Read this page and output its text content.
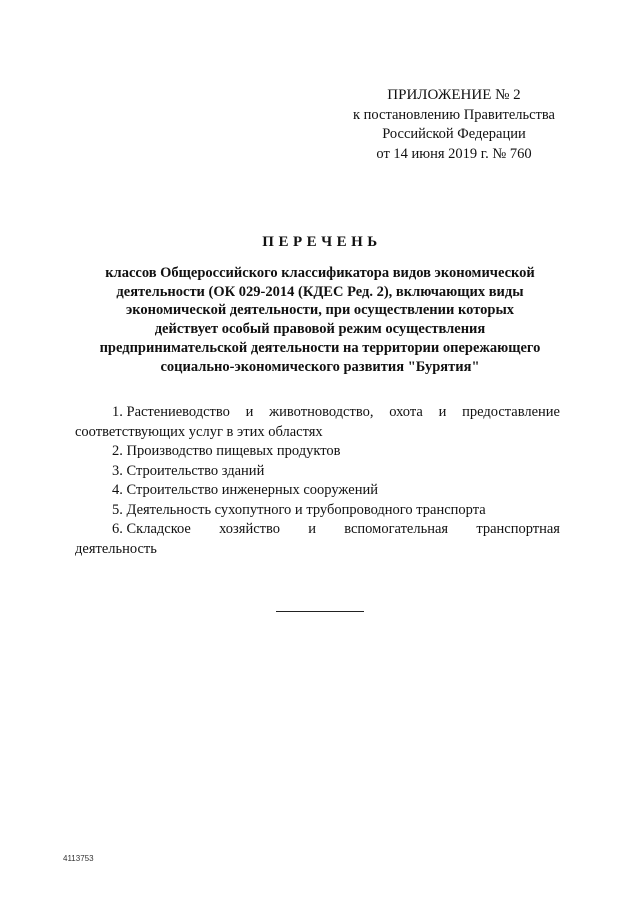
ПРИЛОЖЕНИЕ № 2
к постановлению Правительства
Российской Федерации
от 14 июня 2019 г. № 760
ПЕРЕЧЕНЬ
классов Общероссийского классификатора видов экономической
деятельности (ОК 029-2014 (КДЕС Ред. 2), включающих виды
экономической деятельности, при осуществлении которых
действует особый правовой режим осуществления
предпринимательской деятельности на территории опережающего
социально-экономического развития "Бурятия"
1. Растениеводство и животноводство, охота и предоставление
соответствующих услуг в этих областях
2. Производство пищевых продуктов
3. Строительство зданий
4. Строительство инженерных сооружений
5. Деятельность сухопутного и трубопроводного транспорта
6. Складское хозяйство и вспомогательная транспортная
деятельность
4113753
